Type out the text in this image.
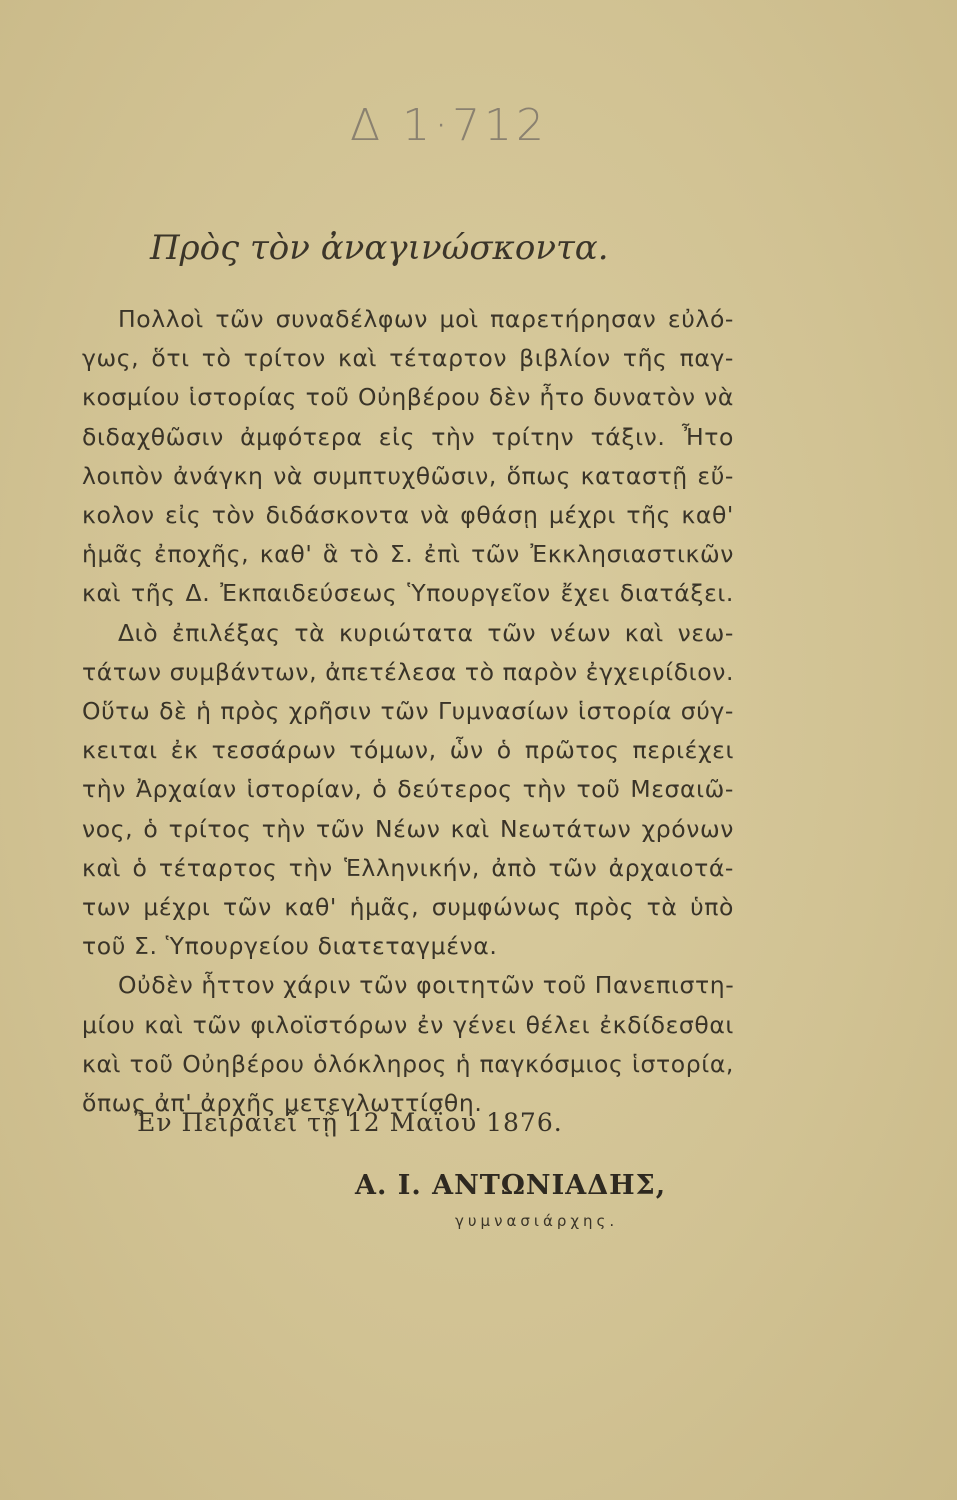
Δ 1·712
Πρὸς τὸν ἀναγινώσκοντα.
Πολλοὶ τῶν συναδέλφων μοὶ παρετήρησαν εὐλό-
γως, ὅτι τὸ τρίτον καὶ τέταρτον βιβλίον τῆς παγ-
κοσμίου ἱστορίας τοῦ Οὐηβέρου δὲν ἦτο δυνατὸν νὰ
διδαχθῶσιν ἀμφότερα εἰς τὴν τρίτην τάξιν. Ἦτο
λοιπὸν ἀνάγκη νὰ συμπτυχθῶσιν, ὅπως καταστῇ εὔ-
κολον εἰς τὸν διδάσκοντα νὰ φθάσῃ μέχρι τῆς καθ'
ἡμᾶς ἐποχῆς, καθ' ἃ τὸ Σ. ἐπὶ τῶν Ἐκκλησιαστικῶν
καὶ τῆς Δ. Ἐκπαιδεύσεως Ὑπουργεῖον ἔχει διατάξει.
Διὸ ἐπιλέξας τὰ κυριώτατα τῶν νέων καὶ νεω-
τάτων συμβάντων, ἀπετέλεσα τὸ παρὸν ἐγχειρίδιον.
Οὕτω δὲ ἡ πρὸς χρῆσιν τῶν Γυμνασίων ἱστορία σύγ-
κειται ἐκ τεσσάρων τόμων, ὧν ὁ πρῶτος περιέχει
τὴν Ἀρχαίαν ἱστορίαν, ὁ δεύτερος τὴν τοῦ Μεσαιῶ-
νος, ὁ τρίτος τὴν τῶν Νέων καὶ Νεωτάτων χρόνων
καὶ ὁ τέταρτος τὴν Ἑλληνικήν, ἀπὸ τῶν ἀρχαιοτά-
των μέχρι τῶν καθ' ἡμᾶς, συμφώνως πρὸς τὰ ὑπὸ
τοῦ Σ. Ὑπουργείου διατεταγμένα.
Οὐδὲν ἧττον χάριν τῶν φοιτητῶν τοῦ Πανεπιστη-
μίου καὶ τῶν φιλοϊστόρων ἐν γένει θέλει ἐκδίδεσθαι
καὶ τοῦ Οὐηβέρου ὁλόκληρος ἡ παγκόσμιος ἱστορία,
ὅπως ἀπ' ἀρχῆς μετεγλωττίσθη.
Ἐν Πειραιεῖ τῇ 12 Μαΐου 1876.
Α. Ι. ΑΝΤΩΝΙΑΔΗΣ,
γυμνασιάρχης.
